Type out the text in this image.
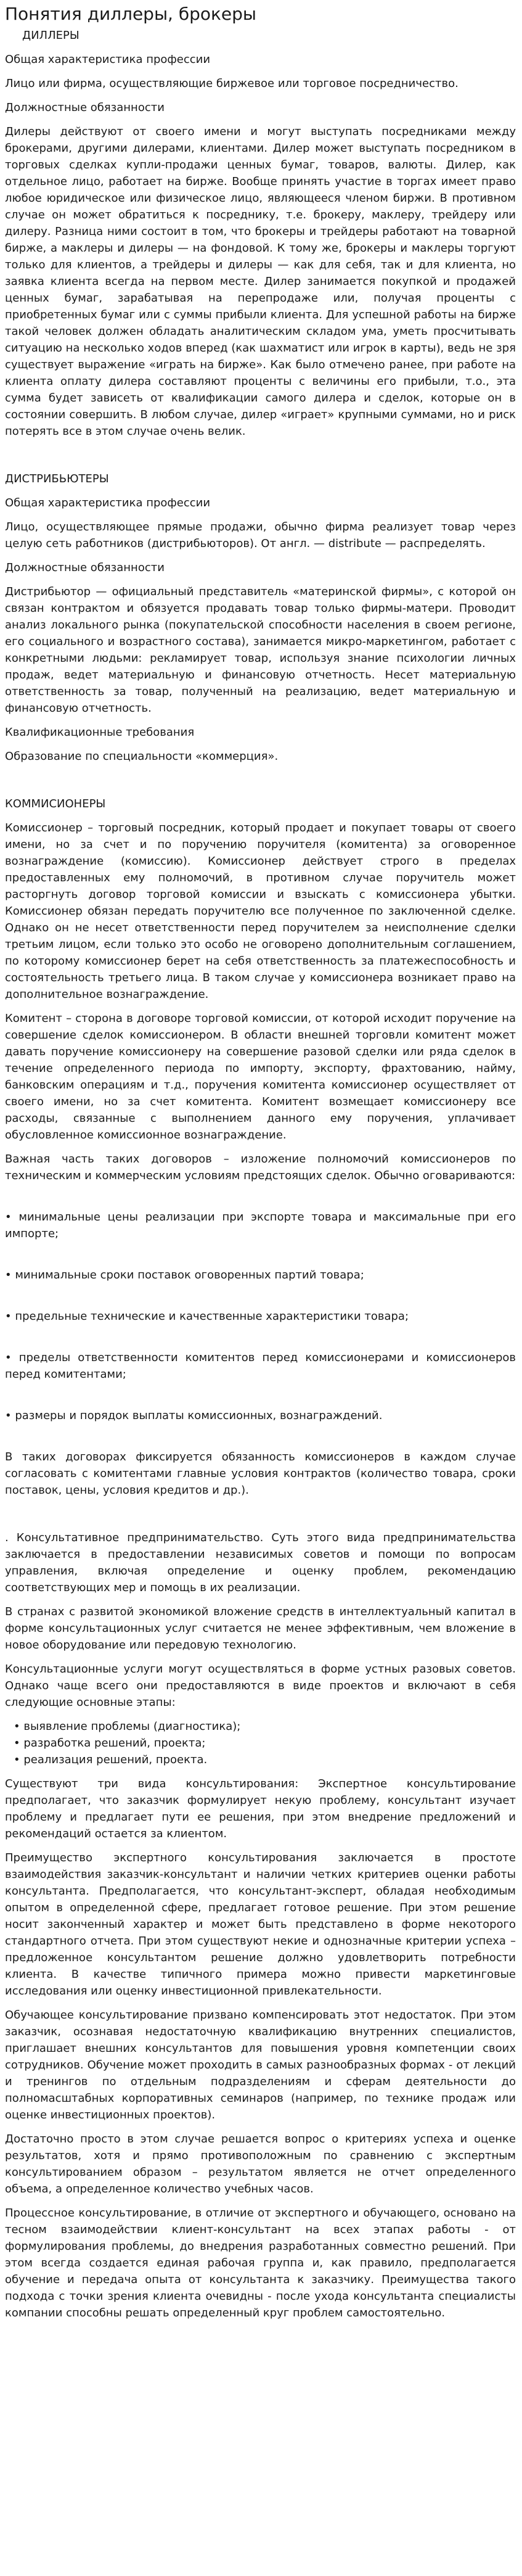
Понятия диллеры, брокеры
ДИЛЛЕРЫ

Общая характеристика профессии

Лицо или фирма, осуществляющие биржевое или торговое посредничество.

Должностные обязанности

Дилеры действуют от своего имени и могут выступать посредниками между брокерами, другими дилерами, клиентами. Дилер может выступать посредником в торговых сделках купли-продажи ценных бумаг, товаров, валюты. Дилер, как отдельное лицо, работает на бирже. Вообще принять участие в торгах имеет право любое юридическое или физическое лицо, являющееся членом биржи. В противном случае он может обратиться к посреднику, т.е. брокеру, маклеру, трейдеру или дилеру. Разница ними состоит в том, что брокеры и трейдеры работают на товарной бирже, а маклеры и дилеры — на фондовой. К тому же, брокеры и маклеры торгуют только для клиентов, а трейдеры и дилеры — как для себя, так и для клиента, но заявка клиента всегда на первом месте. Дилер занимается покупкой и продажей ценных бумаг, зарабатывая на перепродаже или, получая проценты с приобретенных бумаг или с суммы прибыли клиента. Для успешной работы на бирже такой человек должен обладать аналитическим складом ума, уметь просчитывать ситуацию на несколько ходов вперед (как шахматист или игрок в карты), ведь не зря существует выражение «играть на бирже». Как было отмечено ранее, при работе на клиента оплату дилера составляют проценты с величины его прибыли, т.о., эта сумма будет зависеть от квалификации самого дилера и сделок, которые он в состоянии совершить. В любом случае, дилер «играет» крупными суммами, но и риск потерять все в этом случае очень велик.

ДИСТРИБЬЮТЕРЫ

Общая характеристика профессии

Лицо, осуществляющее прямые продажи, обычно фирма реализует товар через целую сеть работников (дистрибьюторов). От англ. — distribute — распределять.

Должностные обязанности

Дистрибьютор — официальный представитель «материнской фирмы», с которой он связан контрактом и обязуется продавать товар только фирмы-матери. Проводит анализ локального рынка (покупательской способности населения в своем регионе, его социального и возрастного состава), занимается микро-маркетингом, работает с конкретными людьми: рекламирует товар, используя знание психологии личных продаж, ведет материальную и финансовую отчетность. Несет материальную ответственность за товар, полученный на реализацию, ведет материальную и финансовую отчетность.

Квалификационные требования

Образование по специальности «коммерция».

КОММИСИОНЕРЫ

Комиссионер – торговый посредник, который продает и покупает товары от своего имени, но за счет и по поручению поручителя (комитента) за оговоренное вознаграждение (комиссию). Комиссионер действует строго в пределах предоставленных ему полномочий, в противном случае поручитель может расторгнуть договор торговой комиссии и взыскать с комиссионера убытки. Комиссионер обязан передать поручителю все полученное по заключенной сделке. Однако он не несет ответственности перед поручителем за неисполнение сделки третьим лицом, если только это особо не оговорено дополнительным соглашением, по которому комиссионер берет на себя ответственность за платежеспособность и состоятельность третьего лица. В таком случае у комиссионера возникает право на дополнительное вознаграждение.

Комитент – сторона в договоре торговой комиссии, от которой исходит поручение на совершение сделок комиссионером. В области внешней торговли комитент может давать поручение комиссионеру на совершение разовой сделки или ряда сделок в течение определенного периода по импорту, экспорту, фрахтованию, найму, банковским операциям и т.д., поручения комитента комиссионер осуществляет от своего имени, но за счет комитента. Комитент возмещает комиссионеру все расходы, связанные с выполнением данного ему поручения, уплачивает обусловленное комиссионное вознаграждение.

Важная часть таких договоров – изложение полномочий комиссионеров по техническим и коммерческим условиям предстоящих сделок. Обычно оговариваются:

• минимальные цены реализации при экспорте товара и максимальные при его импорте;

• минимальные сроки поставок оговоренных партий товара;

• предельные технические и качественные характеристики товара;

• пределы ответственности комитентов перед комиссионерами и комиссионеров перед комитентами;

• размеры и порядок выплаты комиссионных, вознаграждений.

В таких договорах фиксируется обязанность комиссионеров в каждом случае согласовать с комитентами главные условия контрактов (количество товара, сроки поставок, цены, условия кредитов и др.).

. Консультативное предпринимательство. Суть этого вида предпринимательства заключается в предоставлении независимых советов и помощи по вопросам управления, включая определение и оценку проблем, рекомендацию соответствующих мер и помощь в их реализации.

В странах с развитой экономикой вложение средств в интеллектуальный капитал в форме консультационных услуг считается не менее эффективным, чем вложение в новое оборудование или передовую технологию.

Консультационные услуги могут осуществляться в форме устных разовых советов. Однако чаще всего они предоставляются в виде проектов и включают в себя следующие основные этапы:

• выявление проблемы (диагностика);
• разработка решений, проекта;
• реализация решений, проекта.

Существуют три вида консультирования: Экспертное консультирование предполагает, что заказчик формулирует некую проблему, консультант изучает проблему и предлагает пути ее решения, при этом внедрение предложений и рекомендаций остается за клиентом.

Преимущество экспертного консультирования заключается в простоте взаимодействия заказчик-консультант и наличии четких критериев оценки работы консультанта. Предполагается, что консультант-эксперт, обладая необходимым опытом в определенной сфере, предлагает готовое решение. При этом решение носит законченный характер и может быть представлено в форме некоторого стандартного отчета. При этом существуют некие и однозначные критерии успеха – предложенное консультантом решение должно удовлетворить потребности клиента. В качестве типичного примера можно привести маркетинговые исследования или оценку инвестиционной привлекательности.

Обучающее консультирование призвано компенсировать этот недостаток. При этом заказчик, осознавая недостаточную квалификацию внутренних специалистов, приглашает внешних консультантов для повышения уровня компетенции своих сотрудников. Обучение может проходить в самых разнообразных формах - от лекций и тренингов по отдельным подразделениям и сферам деятельности до полномасштабных корпоративных семинаров (например, по технике продаж или оценке инвестиционных проектов).

Достаточно просто в этом случае решается вопрос о критериях успеха и оценке результатов, хотя и прямо противоположным по сравнению с экспертным консультированием образом – результатом является не отчет определенного объема, а определенное количество учебных часов.

Процессное консультирование, в отличие от экспертного и обучающего, основано на тесном взаимодействии клиент-консультант на всех этапах работы - от формулирования проблемы, до внедрения разработанных совместно решений. При этом всегда создается единая рабочая группа и, как правило, предполагается обучение и передача опыта от консультанта к заказчику. Преимущества такого подхода с точки зрения клиента очевидны - после ухода консультанта специалисты компании способны решать определенный круг проблем самостоятельно.
